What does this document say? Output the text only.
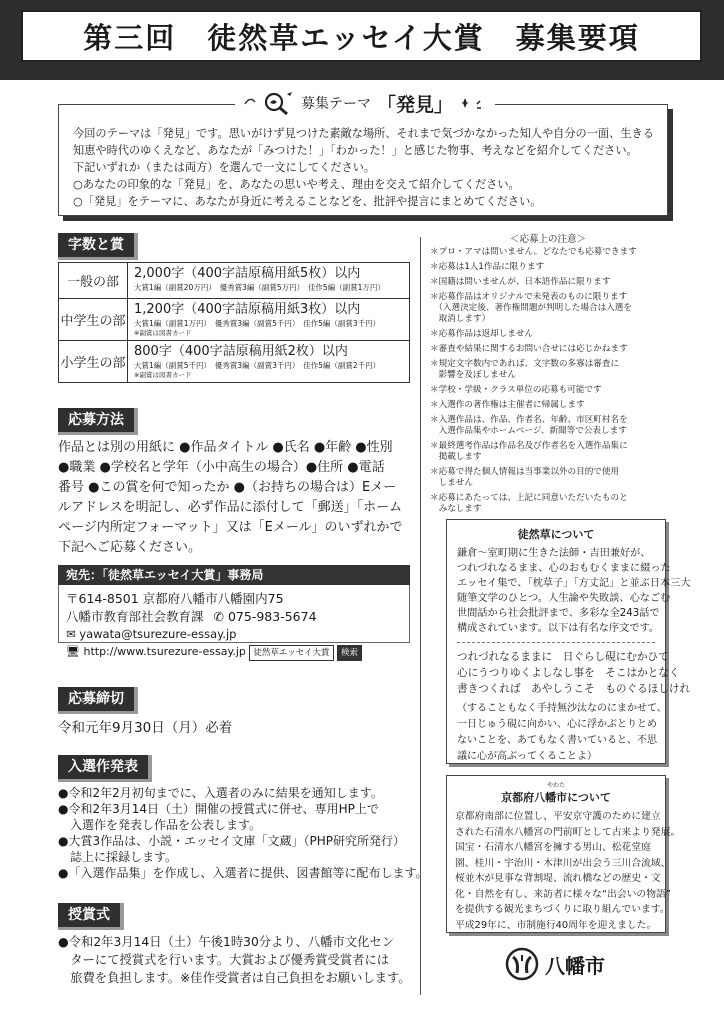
第三回　徒然草エッセイ大賞　募集要項
今回のテーマは「発見」です。思いがけず見つけた素敵な場所、それまで気づかなかった知人や自分の一面、生きる
知恵や時代のゆくえなど、あなたが「みつけた！」「わかった！」と感じた物事、考えなどを紹介してください。
下記いずれか（または両方）を選んで一文にしてください。
○あなたの印象的な「発見」を、あなたの思いや考え、理由を交えて紹介してください。
○「発見」をテーマに、あなたが身近に考えることなどを、批評や提言にまとめてください。
募集テーマ 「発見」
字数と賞
一般の部	2,000字（400字詰原稿用紙5枚）以内
大賞1編（副賞20万円）　優秀賞3編（副賞5万円）　佳作5編（副賞1万円）

中学生の部	1,200字（400字詰原稿用紙3枚）以内
大賞1編（副賞1万円）　優秀賞3編（副賞5千円）　佳作5編（副賞3千円）
※副賞は図書カード

小学生の部	800字（400字詰原稿用紙2枚）以内
大賞1編（副賞5千円）　優秀賞3編（副賞3千円）　佳作5編（副賞2千円）
※副賞は図書カード
応募方法
作品とは別の用紙に ●作品タイトル ●氏名 ●年齢 ●性別
●職業 ●学校名と学年（小中高生の場合）●住所 ●電話
番号 ●この賞を何で知ったか ●（お持ちの場合は）Eメー
ルアドレスを明記し、必ず作品に添付して「郵送」「ホーム
ページ内所定フォーマット」又は「Eメール」のいずれかで
下記へご応募ください。
宛先：「徒然草エッセイ大賞」事務局
〒614-8501 京都府八幡市八幡園内75
八幡市教育部社会教育課 ✆ 075-983-5674
✉ yawata@tsurezure-essay.jp
🖥 http://www.tsurezure-essay.jp 徒然草エッセイ大賞 検索
応募締切
令和元年9月30日（月）必着
入選作発表
●令和2年2月初旬までに、入選者のみに結果を通知します。
●令和2年3月14日（土）開催の授賞式に併せ、専用HP上で
　入選作を発表し作品を公表します。
●大賞3作品は、小説・エッセイ文庫「文蔵」（PHP研究所発行）
　誌上に採録します。
●「入選作品集」を作成し、入選者に提供、図書館等に配布します。
授賞式
●令和2年3月14日（土）午後1時30分より、八幡市文化セン
　ターにて授賞式を行います。大賞および優秀賞受賞者には
　旅費を負担します。※佳作受賞者は自己負担をお願いします。
＜応募上の注意＞
＊プロ・アマは問いません。どなたでも応募できます
＊応募は1人1作品に限ります
＊国籍は問いませんが、日本語作品に限ります
＊応募作品はオリジナルで未発表のものに限ります
　（入選決定後、著作権問題が判明した場合は入選を
　取消します）
＊応募作品は返却しません
＊審査や結果に関するお問い合せには応じかねます
＊規定文字数内であれば、文字数の多寡は審査に
　影響を及ぼしません
＊学校・学級・クラス単位の応募も可能です
＊入選作の著作権は主催者に帰属します
＊入選作品は、作品、作者名、年齢、市区町村名を
　入選作品集やホームページ、新聞等で公表します
＊最終選考作品は作品名及び作者名を入選作品集に
　掲載します
＊応募で得た個人情報は当事業以外の目的で使用
　しません
＊応募にあたっては、上記に同意いただいたものと
　みなします
徒然草について
鎌倉～室町期に生きた法師・吉田兼好が、
つれづれなるまま、心のおもむくままに綴った
エッセイ集で、「枕草子」「方丈記」と並ぶ日本三大
随筆文学のひとつ。人生論や失敗談、心なごむ
世間話から社会批評まで、多彩な全243話で
構成されています。以下は有名な序文です。
つれづれなるままに　日ぐらし硯にむかひて
心にうつりゆくよしなし事を　そこはかとなく
書きつくれば　あやしうこそ　ものぐるほしけれ
（することもなく手持無沙汰なのにまかせて、
一日じゅう硯に向かい、心に浮かぶとりとめ
ないことを、あてもなく書いていると、不思
議に心が高ぶってくることよ）
やわた
京都府八幡市について
京都府南部に位置し、平安京守護のために建立
された石清水八幡宮の門前町として古来より発展。
国宝・石清水八幡宮を擁する男山、松花堂庭
園、桂川・宇治川・木津川が出会う三川合流域、
桜並木が見事な背割堤、流れ橋などの歴史・文
化・自然を有し、来訪者に様々な“出会いの物語”
を提供する観光まちづくりに取り組んでいます。
平成29年に、市制施行40周年を迎えました。
八幡市
